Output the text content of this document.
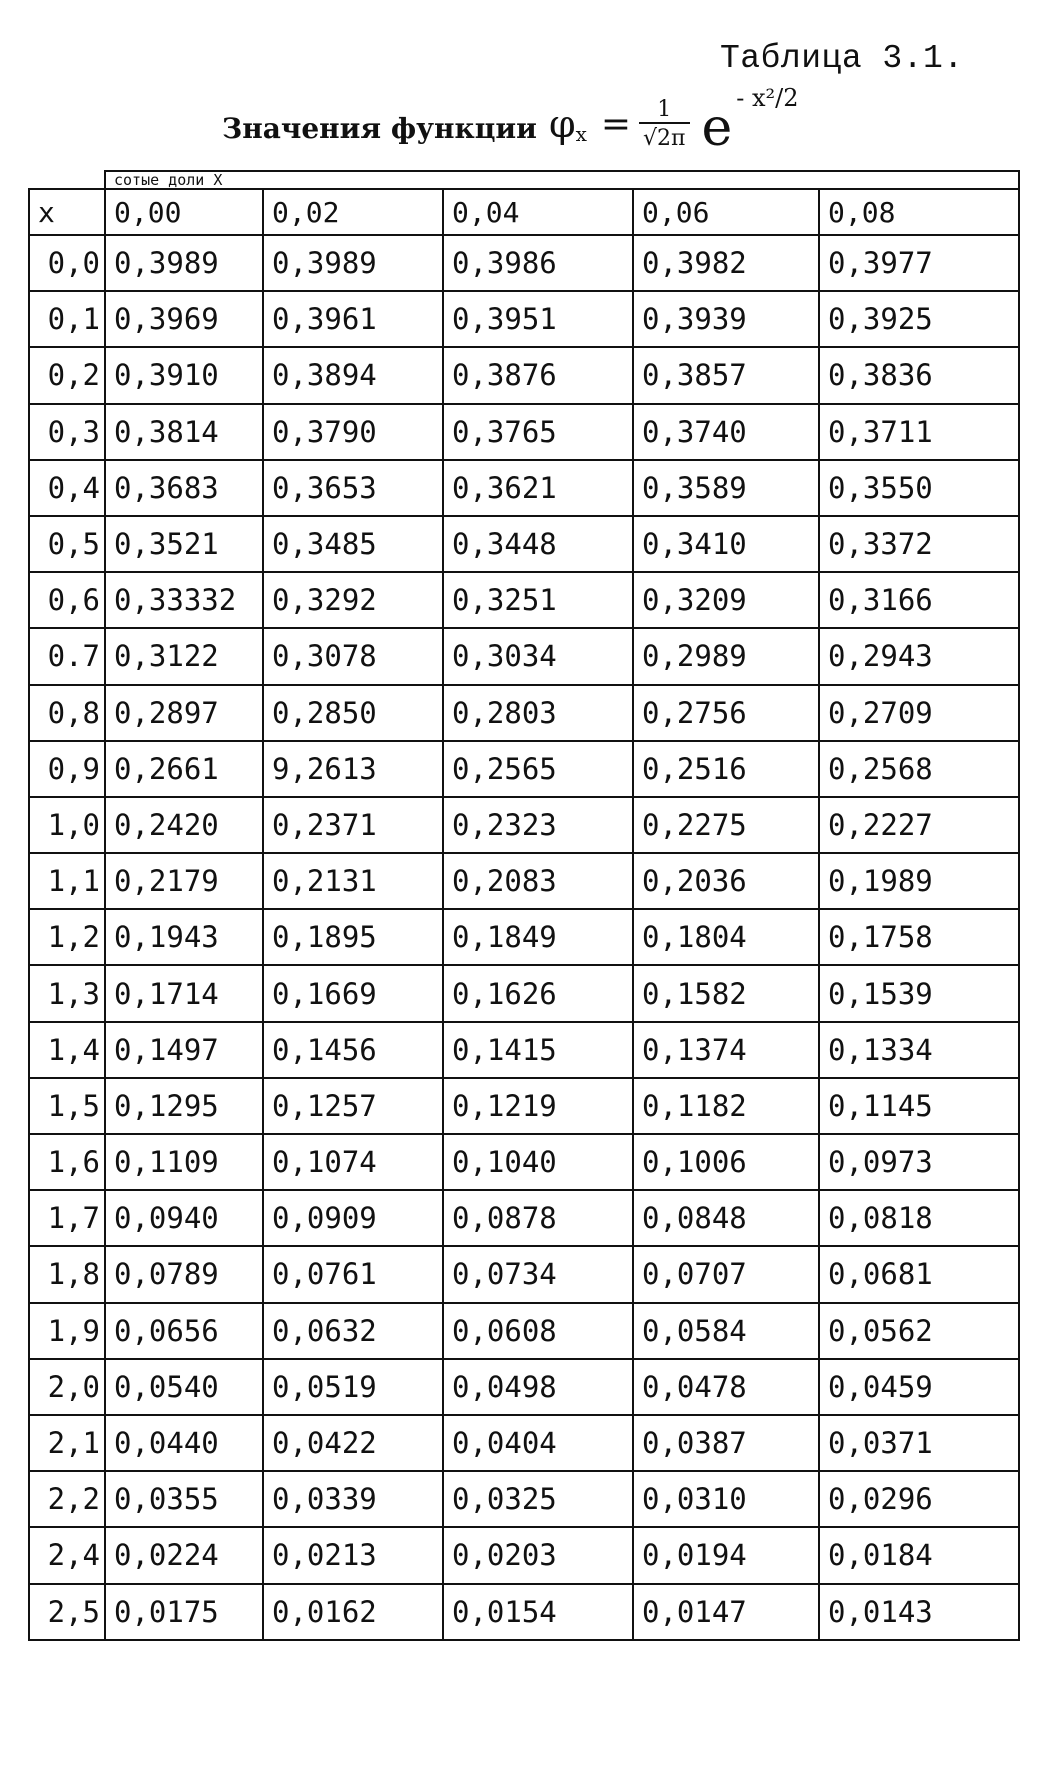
Таблица 3.1.
Значения функции φ $x = \frac{1}{√2\pi}$ e - x²/2
	сотые доли X				
x	0,00	0,02	0,04	0,06	0,08
0,0	0,3989	0,3989	0,3986	0,3982	0,3977
0,1	0,3969	0,3961	0,3951	0,3939	0,3925
0,2	0,3910	0,3894	0,3876	0,3857	0,3836
0,3	0,3814	0,3790	0,3765	0,3740	0,3711
0,4	0,3683	0,3653	0,3621	0,3589	0,3550
0,5	0,3521	0,3485	0,3448	0,3410	0,3372
0,6	0,33332	0,3292	0,3251	0,3209	0,3166
0.7	0,3122	0,3078	0,3034	0,2989	0,2943
0,8	0,2897	0,2850	0,2803	0,2756	0,2709
0,9	0,2661	9,2613	0,2565	0,2516	0,2568
1,0	0,2420	0,2371	0,2323	0,2275	0,2227
1,1	0,2179	0,2131	0,2083	0,2036	0,1989
1,2	0,1943	0,1895	0,1849	0,1804	0,1758
1,3	0,1714	0,1669	0,1626	0,1582	0,1539
1,4	0,1497	0,1456	0,1415	0,1374	0,1334
1,5	0,1295	0,1257	0,1219	0,1182	0,1145
1,6	0,1109	0,1074	0,1040	0,1006	0,0973
1,7	0,0940	0,0909	0,0878	0,0848	0,0818
1,8	0,0789	0,0761	0,0734	0,0707	0,0681
1,9	0,0656	0,0632	0,0608	0,0584	0,0562
2,0	0,0540	0,0519	0,0498	0,0478	0,0459
2,1	0,0440	0,0422	0,0404	0,0387	0,0371
2,2	0,0355	0,0339	0,0325	0,0310	0,0296
2,4	0,0224	0,0213	0,0203	0,0194	0,0184
2,5	0,0175	0,0162	0,0154	0,0147	0,0143
